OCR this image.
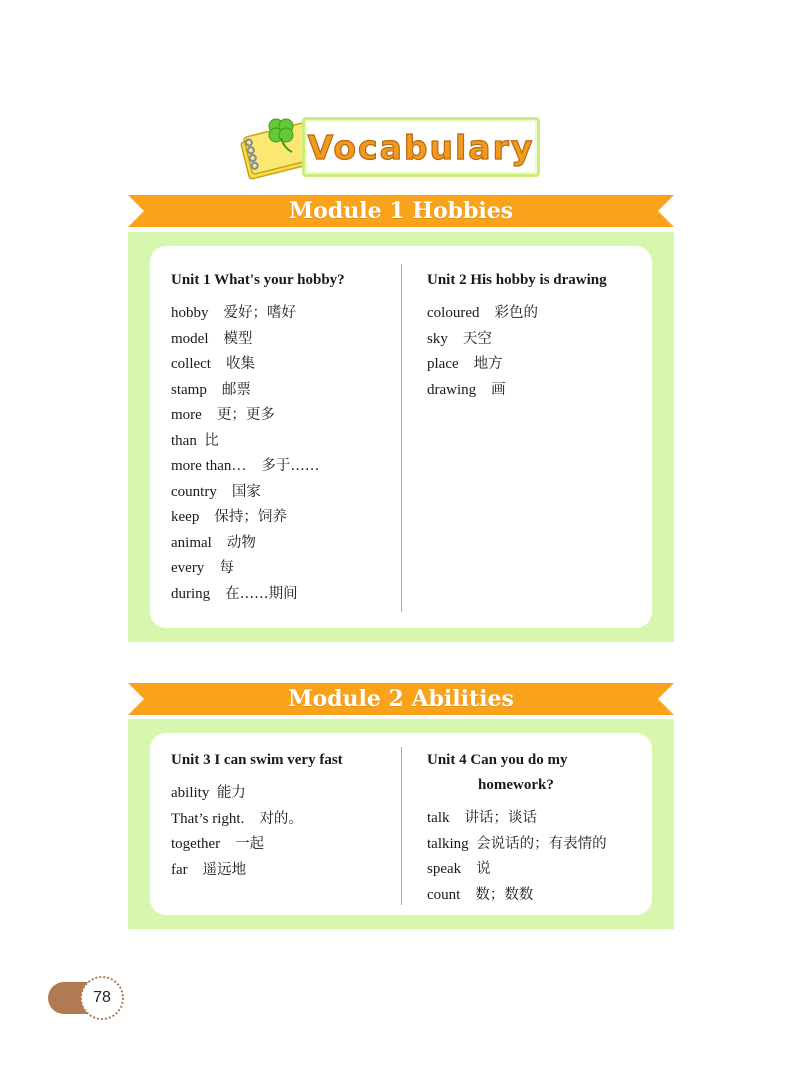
Vocabulary
Module 1 Hobbies
Unit 1 What's your hobby?
hobby 爱好；嗜好
model 模型
collect 收集
stamp 邮票
more 更；更多
than 比
more than… 多于……
country 国家
keep 保持；饲养
animal 动物
every 每
during 在……期间
Unit 2 His hobby is drawing
coloured 彩色的
sky 天空
place 地方
drawing 画
Module 2 Abilities
Unit 3 I can swim very fast
ability 能力
That’s right. 对的。
together 一起
far 遥远地
Unit 4 Can you do my
homework?
talk 讲话；谈话
talking 会说话的；有表情的
speak 说
count 数；数数
78
